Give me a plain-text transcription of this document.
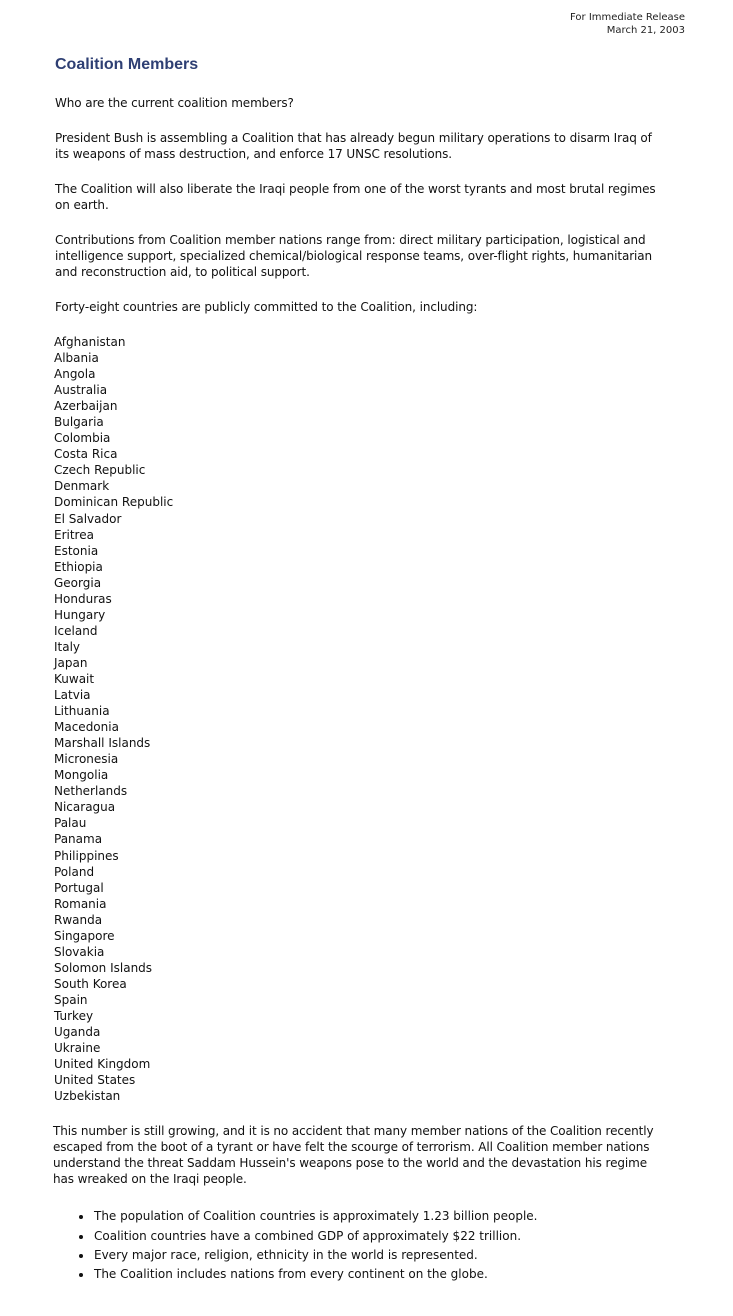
For Immediate Release
March 21, 2003
Coalition Members

Who are the current coalition members?

President Bush is assembling a Coalition that has already begun military operations to disarm Iraq of its weapons of mass destruction, and enforce 17 UNSC resolutions.

The Coalition will also liberate the Iraqi people from one of the worst tyrants and most brutal regimes on earth.

Contributions from Coalition member nations range from: direct military participation, logistical and intelligence support, specialized chemical/biological response teams, over-flight rights, humanitarian and reconstruction aid, to political support.

Forty-eight countries are publicly committed to the Coalition, including:

Afghanistan
Albania
Angola
Australia
Azerbaijan
Bulgaria
Colombia
Costa Rica
Czech Republic
Denmark
Dominican Republic
El Salvador
Eritrea
Estonia
Ethiopia
Georgia
Honduras
Hungary
Iceland
Italy
Japan
Kuwait
Latvia
Lithuania
Macedonia
Marshall Islands
Micronesia
Mongolia
Netherlands
Nicaragua
Palau
Panama
Philippines
Poland
Portugal
Romania
Rwanda
Singapore
Slovakia
Solomon Islands
South Korea
Spain
Turkey
Uganda
Ukraine
United Kingdom
United States
Uzbekistan

This number is still growing, and it is no accident that many member nations of the Coalition recently escaped from the boot of a tyrant or have felt the scourge of terrorism. All Coalition member nations understand the threat Saddam Hussein's weapons pose to the world and the devastation his regime has wreaked on the Iraqi people.

• The population of Coalition countries is approximately 1.23 billion people.
• Coalition countries have a combined GDP of approximately $22 trillion.
• Every major race, religion, ethnicity in the world is represented.
• The Coalition includes nations from every continent on the globe.
